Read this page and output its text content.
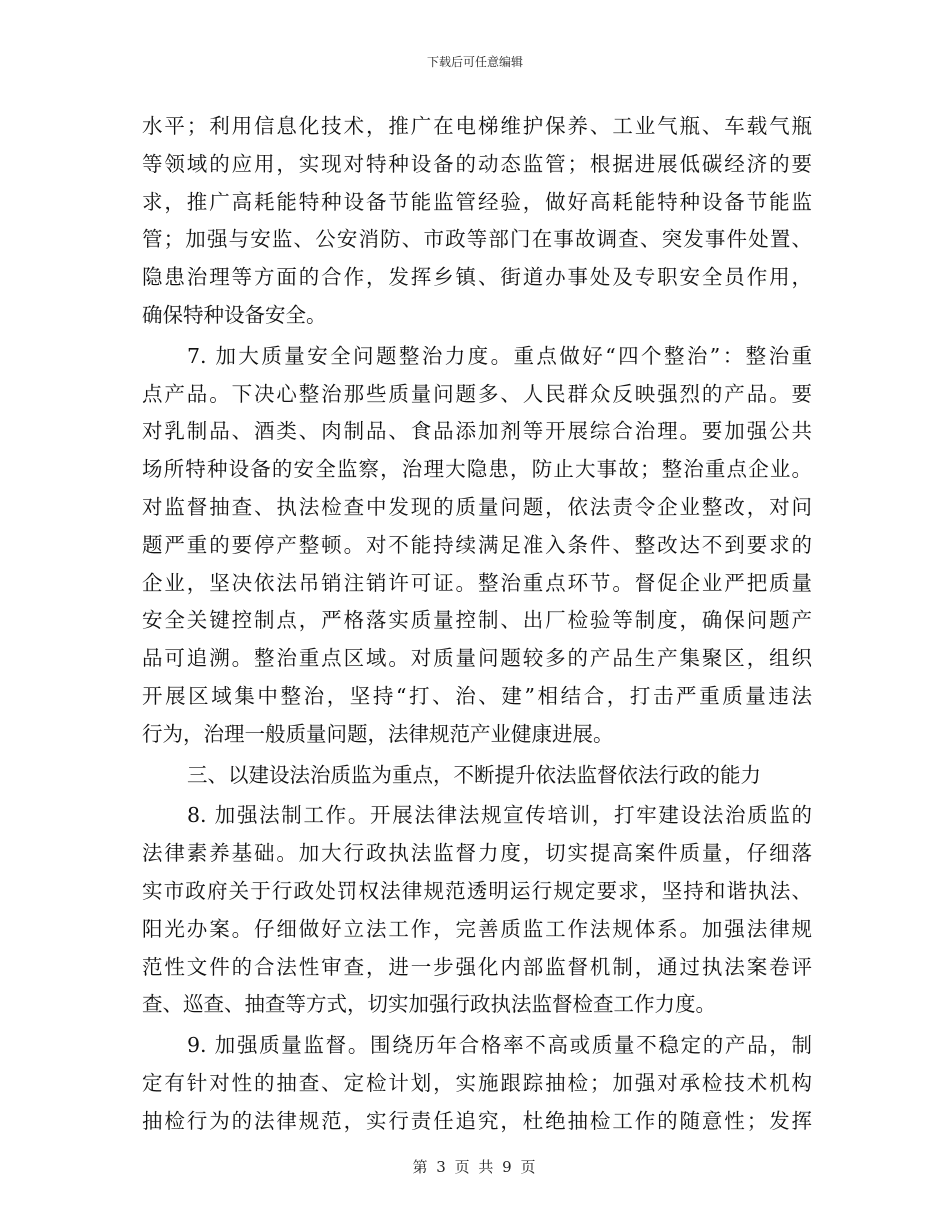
下载后可任意编辑
水平；利用信息化技术，推广在电梯维护保养、工业气瓶、车载气瓶
等领域的应用，实现对特种设备的动态监管；根据进展低碳经济的要
求，推广高耗能特种设备节能监管经验，做好高耗能特种设备节能监
管；加强与安监、公安消防、市政等部门在事故调查、突发事件处置、
隐患治理等方面的合作，发挥乡镇、街道办事处及专职安全员作用，
确保特种设备安全。
7. 加大质量安全问题整治力度。重点做好“四个整治”：整治重
点产品。下决心整治那些质量问题多、人民群众反映强烈的产品。要
对乳制品、酒类、肉制品、食品添加剂等开展综合治理。要加强公共
场所特种设备的安全监察，治理大隐患，防止大事故；整治重点企业。
对监督抽查、执法检查中发现的质量问题，依法责令企业整改，对问
题严重的要停产整顿。对不能持续满足准入条件、整改达不到要求的
企业，坚决依法吊销注销许可证。整治重点环节。督促企业严把质量
安全关键控制点，严格落实质量控制、出厂检验等制度，确保问题产
品可追溯。整治重点区域。对质量问题较多的产品生产集聚区，组织
开展区域集中整治，坚持“打、治、建”相结合，打击严重质量违法
行为，治理一般质量问题，法律规范产业健康进展。
三、以建设法治质监为重点，不断提升依法监督依法行政的能力
8. 加强法制工作。开展法律法规宣传培训，打牢建设法治质监的
法律素养基础。加大行政执法监督力度，切实提高案件质量，仔细落
实市政府关于行政处罚权法律规范透明运行规定要求，坚持和谐执法、
阳光办案。仔细做好立法工作，完善质监工作法规体系。加强法律规
范性文件的合法性审查，进一步强化内部监督机制，通过执法案卷评
查、巡查、抽查等方式，切实加强行政执法监督检查工作力度。
9. 加强质量监督。围绕历年合格率不高或质量不稳定的产品，制
定有针对性的抽查、定检计划，实施跟踪抽检；加强对承检技术机构
抽检行为的法律规范，实行责任追究，杜绝抽检工作的随意性；发挥
第 3 页 共 9 页
